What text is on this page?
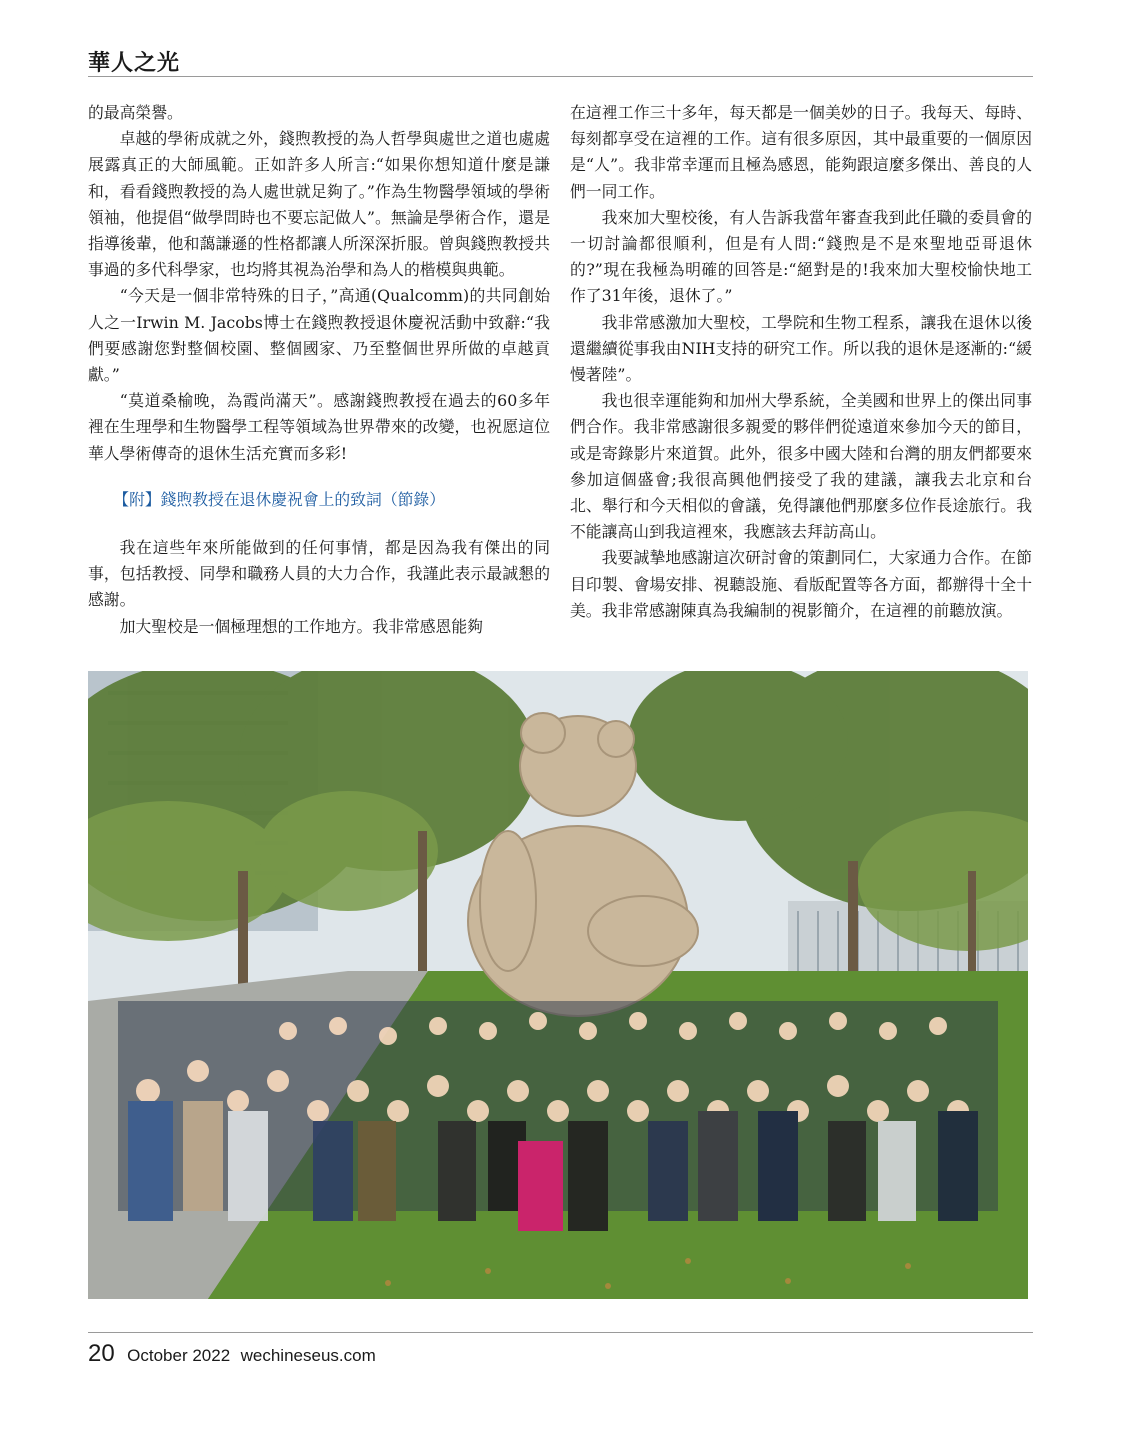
華人之光

的最高榮譽。

卓越的學術成就之外，錢煦教授的為人哲學與處世之道也處處展露真正的大師風範。正如許多人所言:“如果你想知道什麼是謙和，看看錢煦教授的為人處世就足夠了。”作為生物醫學領域的學術領袖，他提倡“做學問時也不要忘記做人”。無論是學術合作，還是指導後輩，他和藹謙遜的性格都讓人所深深折服。曾與錢煦教授共事過的多代科學家，也均將其視為治學和為人的楷模與典範。

“今天是一個非常特殊的日子，”高通(Qualcomm)的共同創始人之一Irwin M. Jacobs博士在錢煦教授退休慶祝活動中致辭:“我們要感謝您對整個校園、整個國家、乃至整個世界所做的卓越貢獻。”

“莫道桑榆晚，為霞尚滿天”。感謝錢煦教授在過去的60多年裡在生理學和生物醫學工程等領域為世界帶來的改變，也祝愿這位華人學術傳奇的退休生活充實而多彩!

【附】錢煦教授在退休慶祝會上的致詞（節錄）

我在這些年來所能做到的任何事情，都是因為我有傑出的同事，包括教授、同學和職務人員的大力合作，我謹此表示最誠懇的感謝。

加大聖校是一個極理想的工作地方。我非常感恩能夠

在這裡工作三十多年，每天都是一個美妙的日子。我每天、每時、每刻都享受在這裡的工作。這有很多原因，其中最重要的一個原因是“人”。我非常幸運而且極為感恩，能夠跟這麼多傑出、善良的人們一同工作。

我來加大聖校後，有人告訴我當年審查我到此任職的委員會的一切討論都很順利，但是有人問:“錢煦是不是來聖地亞哥退休的?”現在我極為明確的回答是:“絕對是的!我來加大聖校愉快地工作了31年後，退休了。”

我非常感激加大聖校，工學院和生物工程系，讓我在退休以後還繼續從事我由NIH支持的研究工作。所以我的退休是逐漸的:“緩慢著陸”。

我也很幸運能夠和加州大學系統，全美國和世界上的傑出同事們合作。我非常感謝很多親愛的夥伴們從遠道來參加今天的節目，或是寄錄影片來道賀。此外，很多中國大陸和台灣的朋友們都要來參加這個盛會;我很高興他們接受了我的建議，讓我去北京和台北、舉行和今天相似的會議，免得讓他們那麼多位作長途旅行。我不能讓高山到我這裡來，我應該去拜訪高山。

我要誠摯地感謝這次研討會的策劃同仁，大家通力合作。在節目印製、會場安排、視聽設施、看版配置等各方面，都辦得十全十美。我非常感謝陳真為我編制的視影簡介，在這裡的前聽放演。

20 October 2022 wechineseus.com
